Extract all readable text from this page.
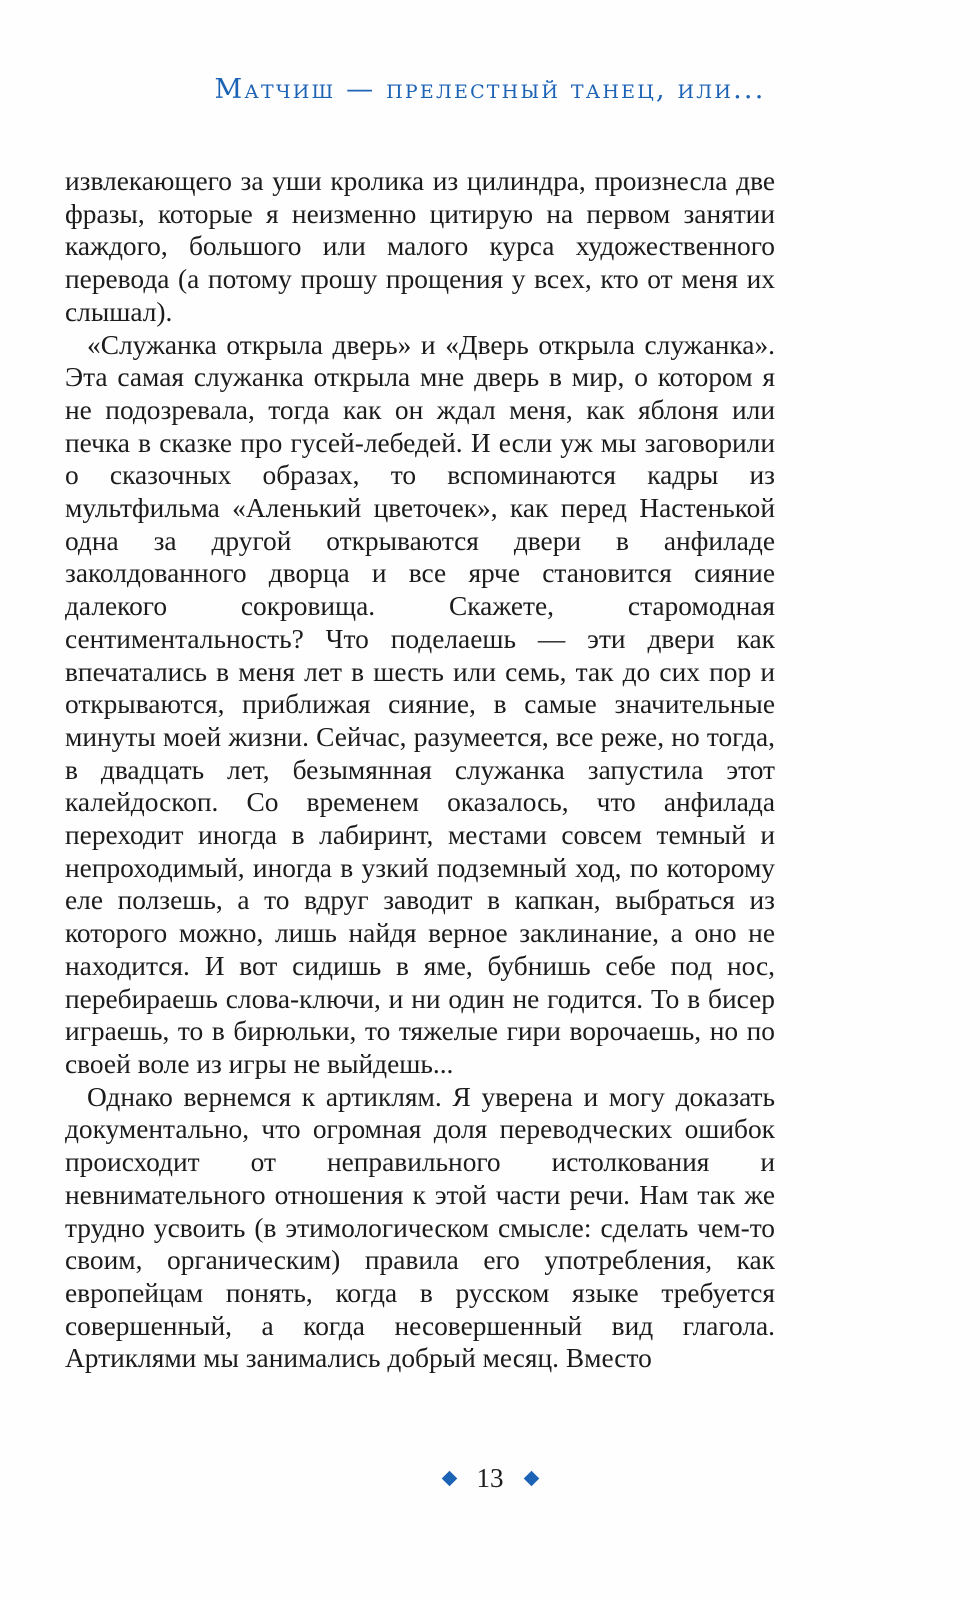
Матчиш — прелестный танец, или...

извлекающего за уши кролика из цилиндра, произнесла две фразы, которые я неизменно цитирую на первом занятии каждого, большого или малого курса художественного перевода (а потому прошу прощения у всех, кто от меня их слышал).

«Служанка открыла дверь» и «Дверь открыла служанка». Эта самая служанка открыла мне дверь в мир, о котором я не подозревала, тогда как он ждал меня, как яблоня или печка в сказке про гусей-лебедей. И если уж мы заговорили о сказочных образах, то вспоминаются кадры из мультфильма «Аленький цветочек», как перед Настенькой одна за другой открываются двери в анфиладе заколдованного дворца и все ярче становится сияние далекого сокровища. Скажете, старомодная сентиментальность? Что поделаешь — эти двери как впечатались в меня лет в шесть или семь, так до сих пор и открываются, приближая сияние, в самые значительные минуты моей жизни. Сейчас, разумеется, все реже, но тогда, в двадцать лет, безымянная служанка запустила этот калейдоскоп. Со временем оказалось, что анфилада переходит иногда в лабиринт, местами совсем темный и непроходимый, иногда в узкий подземный ход, по которому еле ползешь, а то вдруг заводит в капкан, выбраться из которого можно, лишь найдя верное заклинание, а оно не находится. И вот сидишь в яме, бубнишь себе под нос, перебираешь слова-ключи, и ни один не годится. То в бисер играешь, то в бирюльки, то тяжелые гири ворочаешь, но по своей воле из игры не выйдешь...

Однако вернемся к артиклям. Я уверена и могу доказать документально, что огромная доля переводческих ошибок происходит от неправильного истолкования и невнимательного отношения к этой части речи. Нам так же трудно усвоить (в этимологическом смысле: сделать чем-то своим, органическим) правила его употребления, как европейцам понять, когда в русском языке требуется совершенный, а когда несовершенный вид глагола. Артиклями мы занимались добрый месяц. Вместо

13
